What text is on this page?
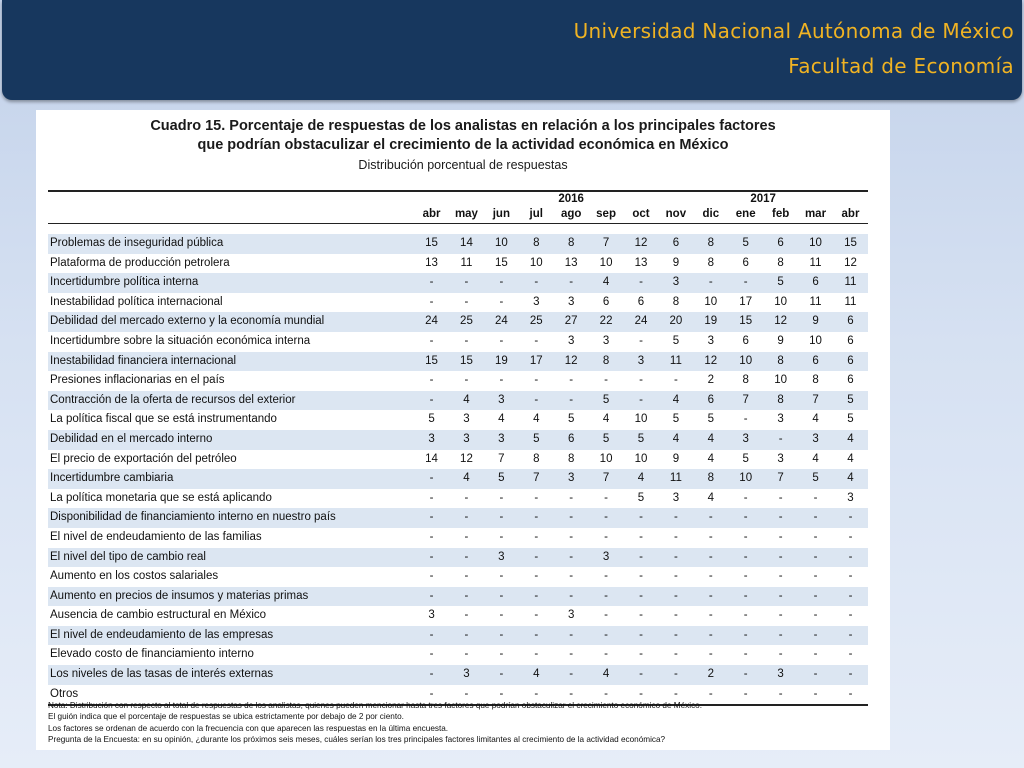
Universidad Nacional Autónoma de México
Facultad de Economía
Cuadro 15. Porcentaje de respuestas de los analistas en relación a los principales factores
que podrían obstaculizar el crecimiento de la actividad económica en México
Distribución porcentual de respuestas
					2016					2017			
	abr	may	jun	jul	ago	sep	oct	nov	dic	ene	feb	mar	abr

Problemas de inseguridad pública	15	14	10	8	8	7	12	6	8	5	6	10	15
Plataforma de producción petrolera	13	11	15	10	13	10	13	9	8	6	8	11	12
Incertidumbre política interna	-	-	-	-	-	4	-	3	-	-	5	6	11
Inestabilidad política internacional	-	-	-	3	3	6	6	8	10	17	10	11	11
Debilidad del mercado externo y la economía mundial	24	25	24	25	27	22	24	20	19	15	12	9	6
Incertidumbre sobre la situación económica interna	-	-	-	-	3	3	-	5	3	6	9	10	6
Inestabilidad financiera internacional	15	15	19	17	12	8	3	11	12	10	8	6	6
Presiones inflacionarias en el país	-	-	-	-	-	-	-	-	2	8	10	8	6
Contracción de la oferta de recursos del exterior	-	4	3	-	-	5	-	4	6	7	8	7	5
La política fiscal que se está instrumentando	5	3	4	4	5	4	10	5	5	-	3	4	5
Debilidad en el mercado interno	3	3	3	5	6	5	5	4	4	3	-	3	4
El precio de exportación del petróleo	14	12	7	8	8	10	10	9	4	5	3	4	4
Incertidumbre cambiaria	-	4	5	7	3	7	4	11	8	10	7	5	4
La política monetaria que se está aplicando	-	-	-	-	-	-	5	3	4	-	-	-	3
Disponibilidad de financiamiento interno en nuestro país	-	-	-	-	-	-	-	-	-	-	-	-	-
El nivel de endeudamiento de las familias	-	-	-	-	-	-	-	-	-	-	-	-	-
El nivel del tipo de cambio real	-	-	3	-	-	3	-	-	-	-	-	-	-
Aumento en los costos salariales	-	-	-	-	-	-	-	-	-	-	-	-	-
Aumento en precios de insumos y materias primas	-	-	-	-	-	-	-	-	-	-	-	-	-
Ausencia de cambio estructural en México	3	-	-	-	3	-	-	-	-	-	-	-	-
El nivel de endeudamiento de las empresas	-	-	-	-	-	-	-	-	-	-	-	-	-
Elevado costo de financiamiento interno	-	-	-	-	-	-	-	-	-	-	-	-	-
Los niveles de las tasas de interés externas	-	3	-	4	-	4	-	-	2	-	3	-	-
Otros	-	-	-	-	-	-	-	-	-	-	-	-	-
Nota: Distribución con respecto al total de respuestas de los analistas, quienes pueden mencionar hasta tres factores que podrían obstaculizar el crecimiento económico de México.
El guión indica que el porcentaje de respuestas se ubica estrictamente por debajo de 2 por ciento.
Los factores se ordenan de acuerdo con la frecuencia con que aparecen las respuestas en la última encuesta.
Pregunta de la Encuesta: en su opinión, ¿durante los próximos seis meses, cuáles serían los tres principales factores limitantes al crecimiento de la actividad económica?
